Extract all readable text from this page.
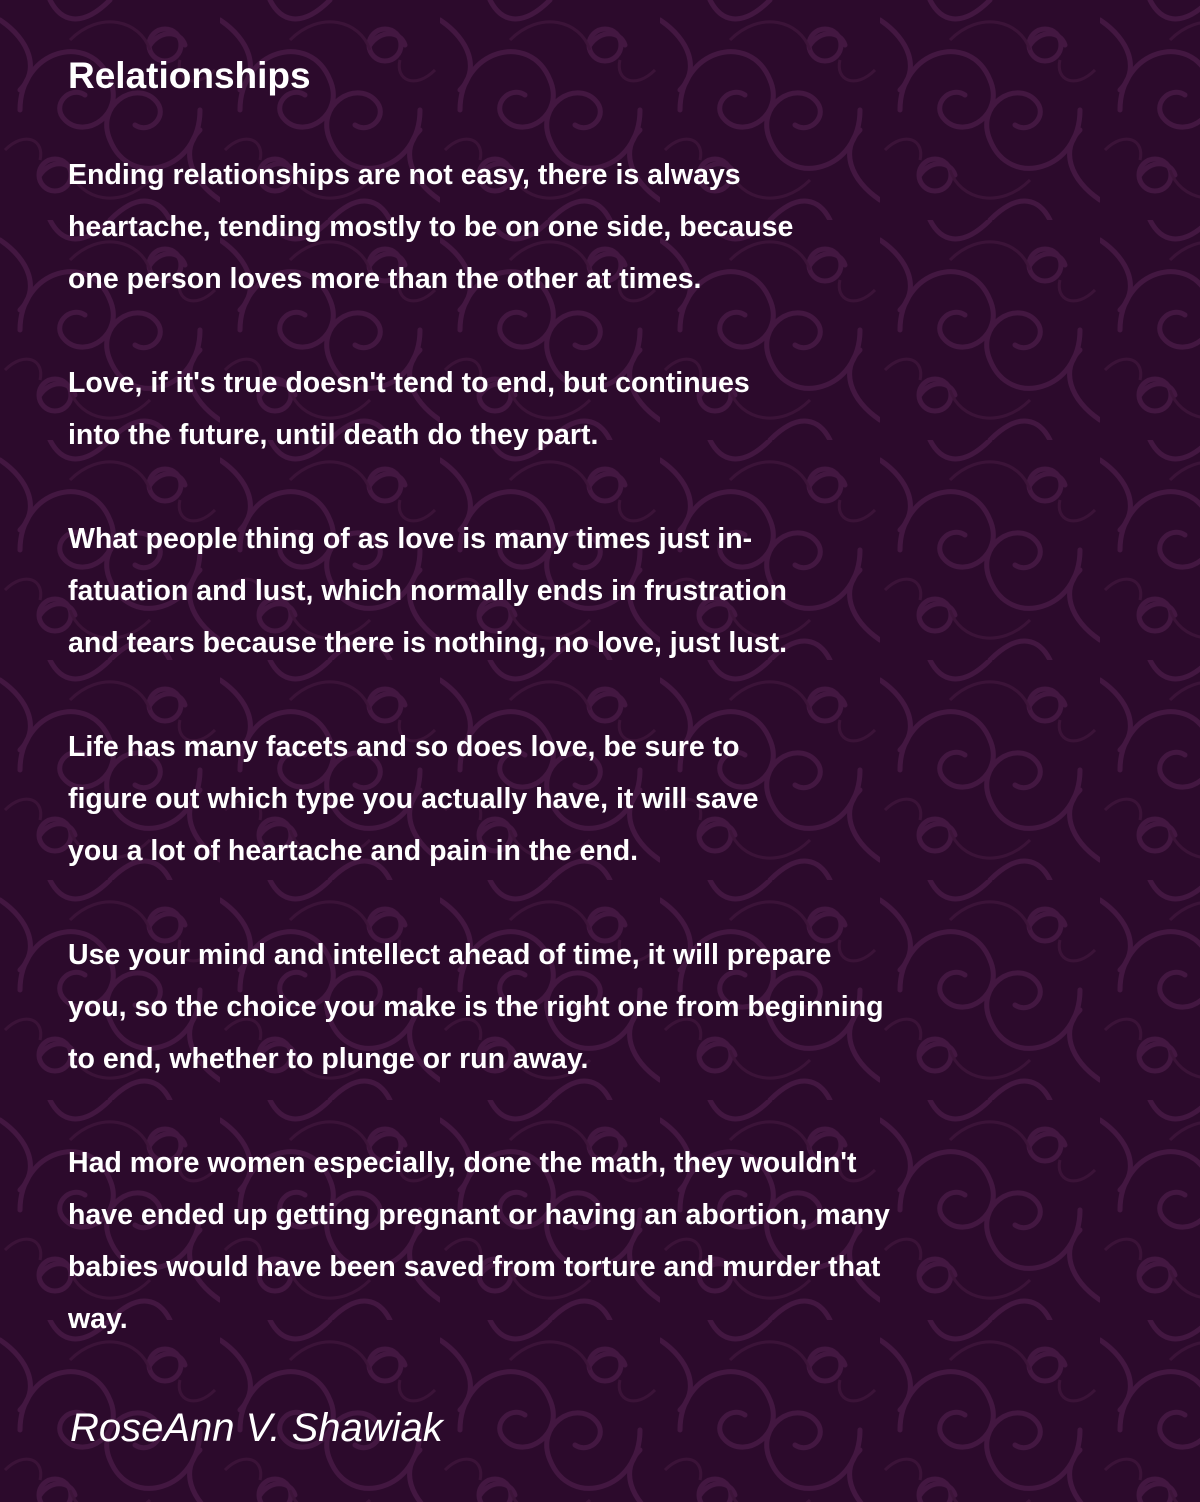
Relationships
Ending relationships are not easy, there is always
heartache, tending mostly to be on one side, because
one person loves more than the other at times.
Love, if it's true doesn't tend to end, but continues
into the future, until death do they part.
What people thing of as love is many times just in-
fatuation and lust, which normally ends in frustration
and tears because there is nothing, no love, just lust.
Life has many facets and so does love, be sure to
figure out which type you actually have, it will save
you a lot of heartache and pain in the end.
Use your mind and intellect ahead of time, it will prepare
you, so the choice you make is the right one from beginning
to end, whether to plunge or run away.
Had more women especially, done the math, they wouldn't
have ended up getting pregnant or having an abortion, many
babies would have been saved from torture and murder that
way.

RoseAnn V. Shawiak
